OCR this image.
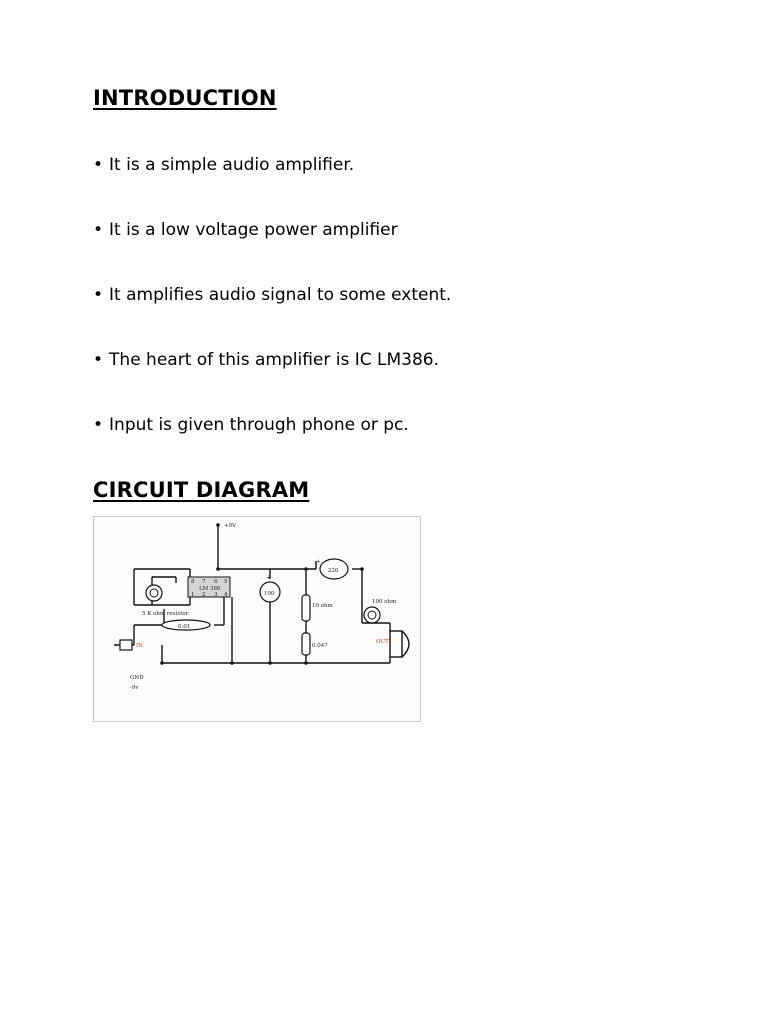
INTRODUCTION
• It is a simple audio amplifier.
• It is a low voltage power amplifier
• It amplifies audio signal to some extent.
• The heart of this amplifier is IC LM386.
• Input is given through phone or pc.
CIRCUIT DIAGRAM
+9V
LM 386
8 7 6 5
1 2 3 4
5 K ohm resistor
0.01
100
220
10 ohm
0.047
100 ohm
IN
OUT
GND
-9v
+
+
